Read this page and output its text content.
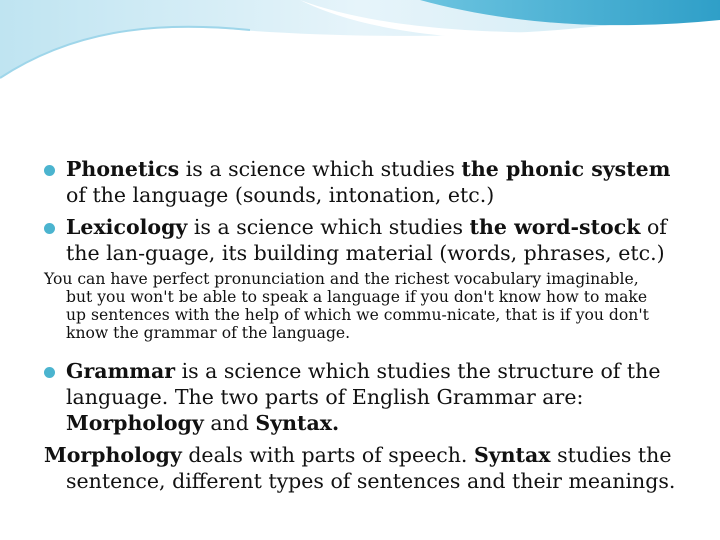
Phonetics is a science which studies the phonic system of the language (sounds, intonation, etc.)
Lexicology is a science which studies the word-stock of the lan-guage, its building material (words, phrases, etc.)
You can have perfect pronunciation and the richest vocabulary imaginable,
but you won't be able to speak a language if you don't know how to make
up sentences with the help of which we commu-nicate, that is if you don't
know the grammar of the language.
Grammar is a science which studies the structure of the language. The two parts of English Grammar are: Morphology and Syntax.
Morphology deals with parts of speech. Syntax studies the
sentence, different types of sentences and their meanings.
